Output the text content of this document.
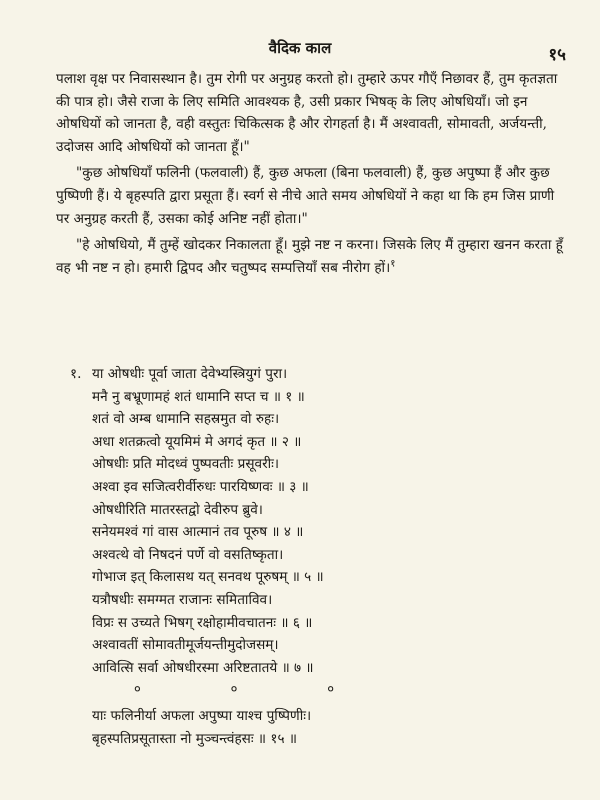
वैदिक काल	१५

पलाश वृक्ष पर निवासस्थान है। तुम रोगी पर अनुग्रह करतो हो। तुम्हारे ऊपर गौएँ निछावर हैं, तुम कृतज्ञता की पात्र हो। जैसे राजा के लिए समिति आवश्यक है, उसी प्रकार भिषक् के लिए ओषधियाँ। जो इन ओषधियों को जानता है, वही वस्तुतः चिकित्सक है और रोगहर्ता है। मैं अश्वावती, सोमावती, अर्जयन्ती, उदोजस आदि ओषधियों को जानता हूँ।"

"कुछ ओषधियाँ फलिनी (फलवाली) हैं, कुछ अफला (बिना फलवाली) हैं, कुछ अपुष्पा हैं और कुछ पुष्पिणी हैं। ये बृहस्पति द्वारा प्रसूता हैं। स्वर्ग से नीचे आते समय ओषधियों ने कहा था कि हम जिस प्राणी पर अनुग्रह करती हैं, उसका कोई अनिष्ट नहीं होता।"

"हे ओषधियो, मैं तुम्हें खोदकर निकालता हूँ। मुझे नष्ट न करना। जिसके लिए मैं तुम्हारा खनन करता हूँ वह भी नष्ट न हो। हमारी द्विपद और चतुष्पद सम्पत्तियाँ सब नीरोग हों।$^१$

१. या ओषधीः पूर्वा जाता देवेभ्यस्त्रियुगं पुरा।
मनै नु बभ्रूणामहं शतं धामानि सप्त च ॥ १ ॥
शतं वो अम्ब धामानि सहस्रमुत वो रुहः।
अधा शतक्रत्वो यूयमिमं मे अगदं कृत ॥ २ ॥
ओषधीः प्रति मोदध्वं पुष्पवतीः प्रसूवरीः।
अश्वा इव सजित्वरीर्वीरुधः पारयिष्णवः ॥ ३ ॥
ओषधीरिति मातरस्तद्वो देवीरुप ब्रुवे।
सनेयमश्वं गां वास आत्मानं तव पूरुष ॥ ४ ॥
अश्वत्थे वो निषदनं पर्णे वो वसतिष्कृता।
गोभाज इत् किलासथ यत् सनवथ पूरुषम् ॥ ५ ॥
यत्रौषधीः समग्मत राजानः समिताविव।
विप्रः स उच्यते भिषग् रक्षोहामीवचातनः ॥ ६ ॥
अश्वावतीं सोमावतीमूर्जयन्तीमुदोजसम्।
आवित्सि सर्वा ओषधीरस्मा अरिष्टतातये ॥ ७ ॥
०	०	०
याः फलिनीर्या अफला अपुष्पा याश्च पुष्पिणीः।
बृहस्पतिप्रसूतास्ता नो मुञ्चन्त्वंहसः ॥ १५ ॥
